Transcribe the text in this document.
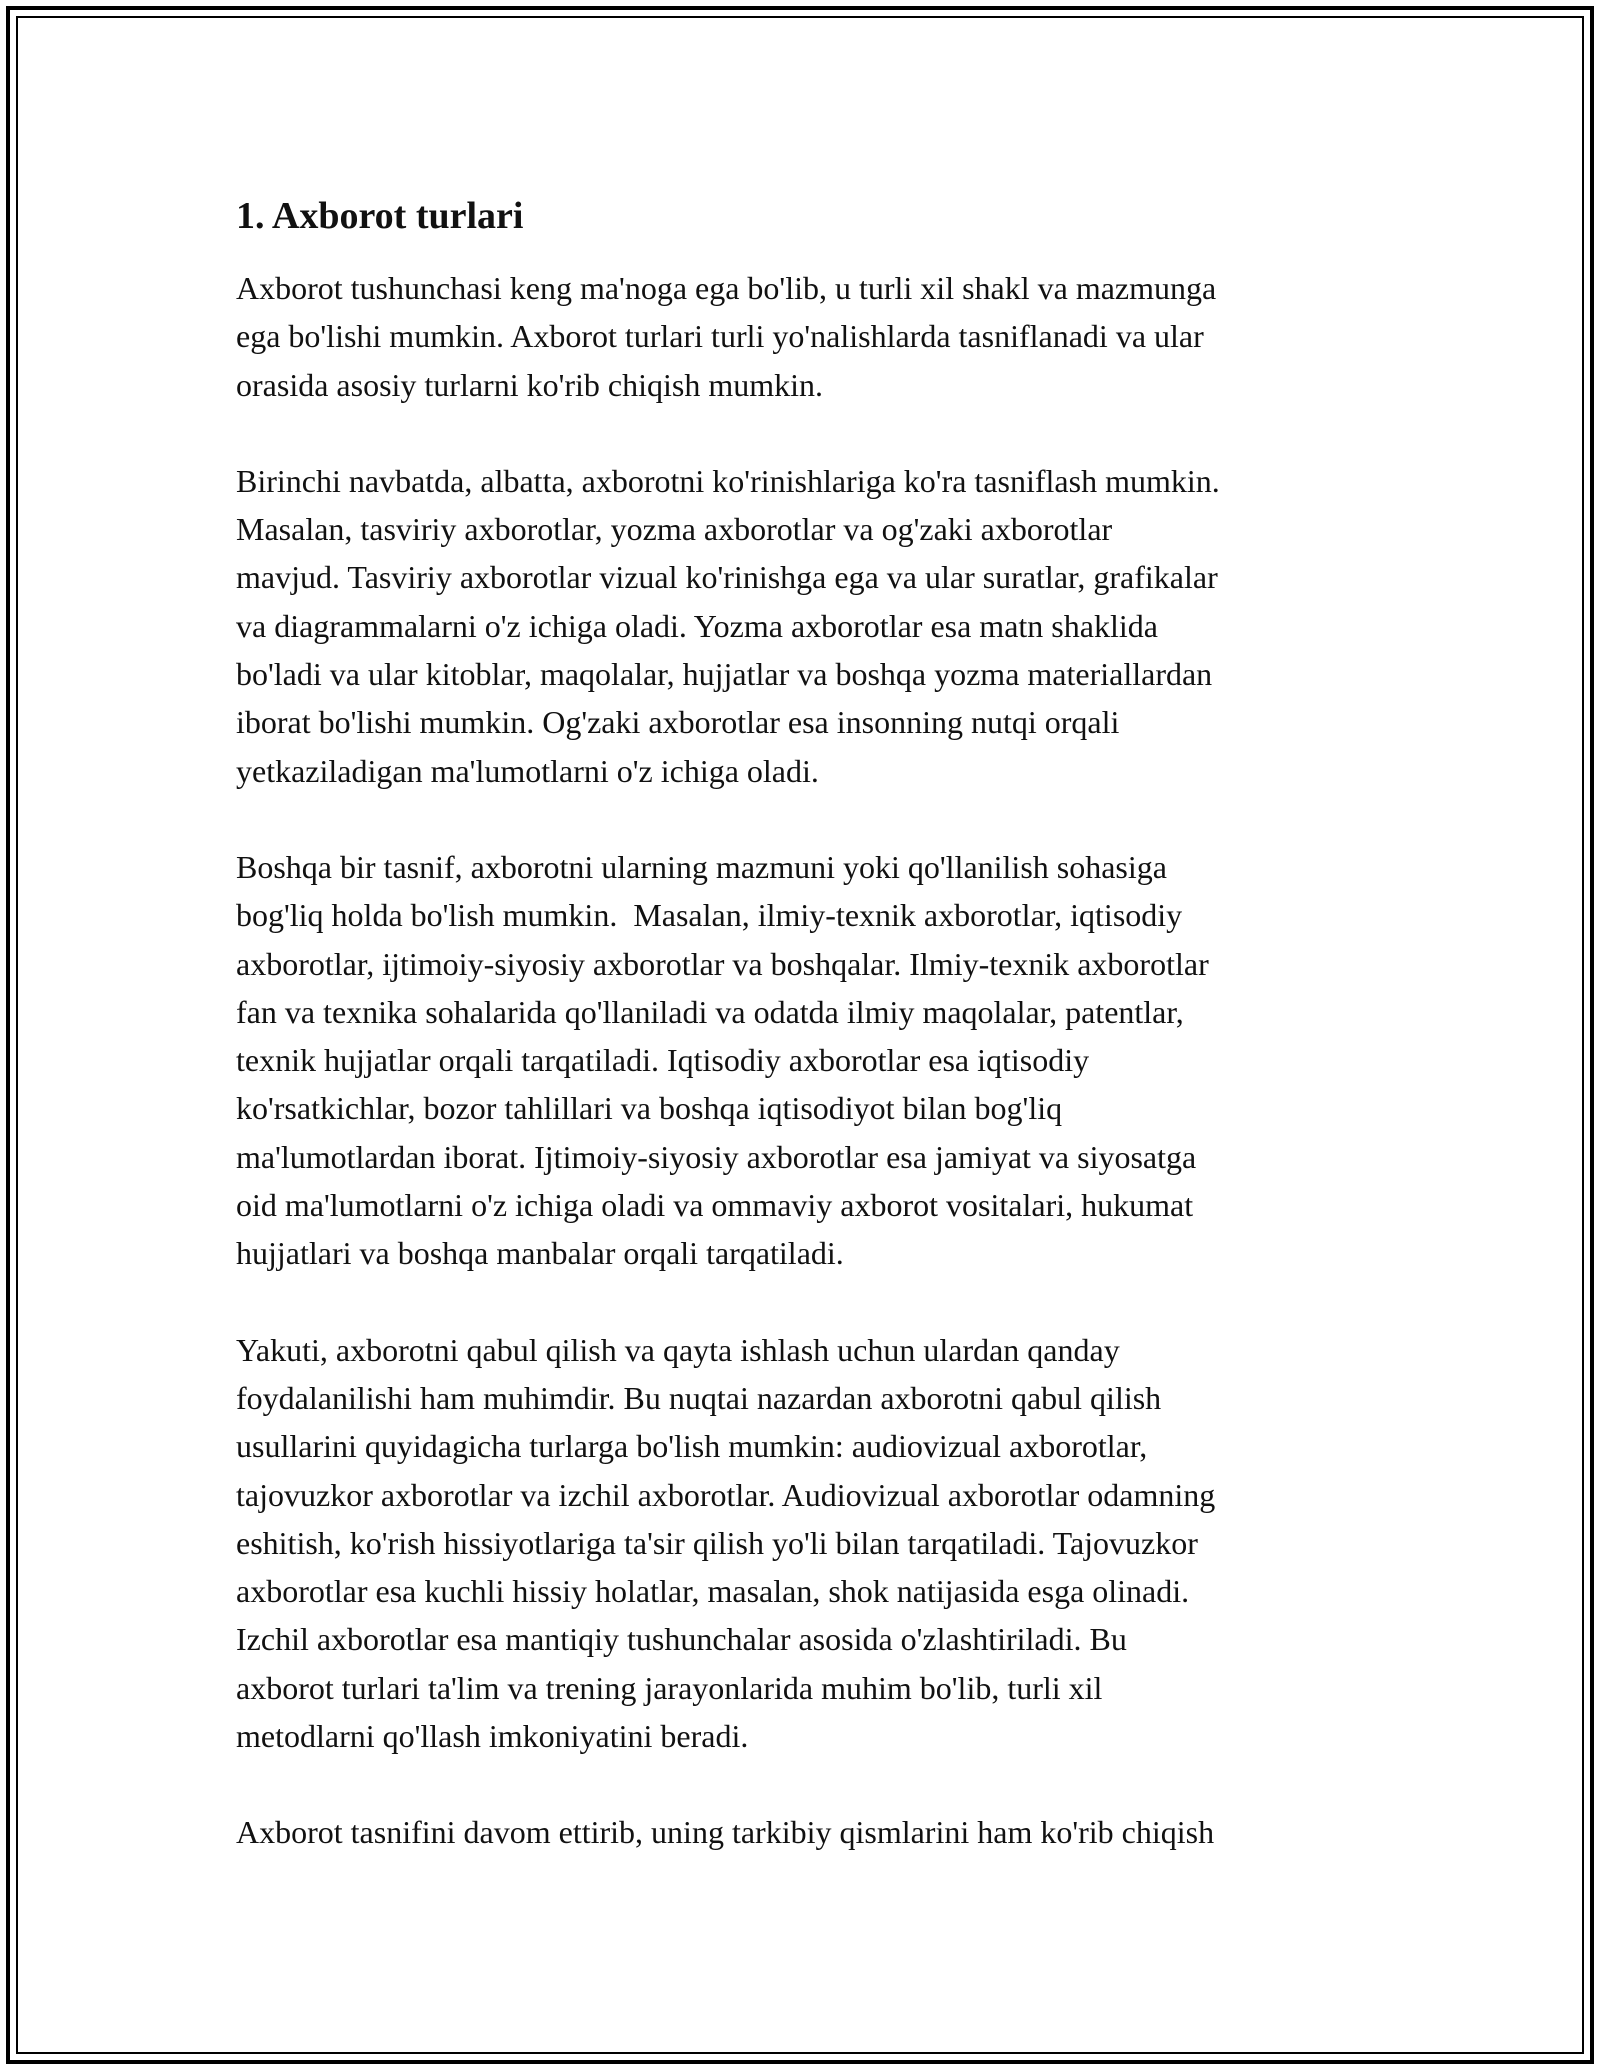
1. Axborot turlari

Axborot tushunchasi keng ma'noga ega bo'lib, u turli xil shakl va mazmunga
ega bo'lishi mumkin. Axborot turlari turli yo'nalishlarda tasniflanadi va ular
orasida asosiy turlarni ko'rib chiqish mumkin.

Birinchi navbatda, albatta, axborotni ko'rinishlariga ko'ra tasniflash mumkin.
Masalan, tasviriy axborotlar, yozma axborotlar va og'zaki axborotlar
mavjud. Tasviriy axborotlar vizual ko'rinishga ega va ular suratlar, grafikalar
va diagrammalarni o'z ichiga oladi. Yozma axborotlar esa matn shaklida
bo'ladi va ular kitoblar, maqolalar, hujjatlar va boshqa yozma materiallardan
iborat bo'lishi mumkin. Og'zaki axborotlar esa insonning nutqi orqali
yetkaziladigan ma'lumotlarni o'z ichiga oladi.

Boshqa bir tasnif, axborotni ularning mazmuni yoki qo'llanilish sohasiga
bog'liq holda bo'lish mumkin.  Masalan, ilmiy-texnik axborotlar, iqtisodiy
axborotlar, ijtimoiy-siyosiy axborotlar va boshqalar. Ilmiy-texnik axborotlar
fan va texnika sohalarida qo'llaniladi va odatda ilmiy maqolalar, patentlar,
texnik hujjatlar orqali tarqatiladi. Iqtisodiy axborotlar esa iqtisodiy
ko'rsatkichlar, bozor tahlillari va boshqa iqtisodiyot bilan bog'liq
ma'lumotlardan iborat. Ijtimoiy-siyosiy axborotlar esa jamiyat va siyosatga
oid ma'lumotlarni o'z ichiga oladi va ommaviy axborot vositalari, hukumat
hujjatlari va boshqa manbalar orqali tarqatiladi.

Yakuti, axborotni qabul qilish va qayta ishlash uchun ulardan qanday
foydalanilishi ham muhimdir. Bu nuqtai nazardan axborotni qabul qilish
usullarini quyidagicha turlarga bo'lish mumkin: audiovizual axborotlar,
tajovuzkor axborotlar va izchil axborotlar. Audiovizual axborotlar odamning
eshitish, ko'rish hissiyotlariga ta'sir qilish yo'li bilan tarqatiladi. Tajovuzkor
axborotlar esa kuchli hissiy holatlar, masalan, shok natijasida esga olinadi.
Izchil axborotlar esa mantiqiy tushunchalar asosida o'zlashtiriladi. Bu
axborot turlari ta'lim va trening jarayonlarida muhim bo'lib, turli xil
metodlarni qo'llash imkoniyatini beradi.

Axborot tasnifini davom ettirib, uning tarkibiy qismlarini ham ko'rib chiqish
